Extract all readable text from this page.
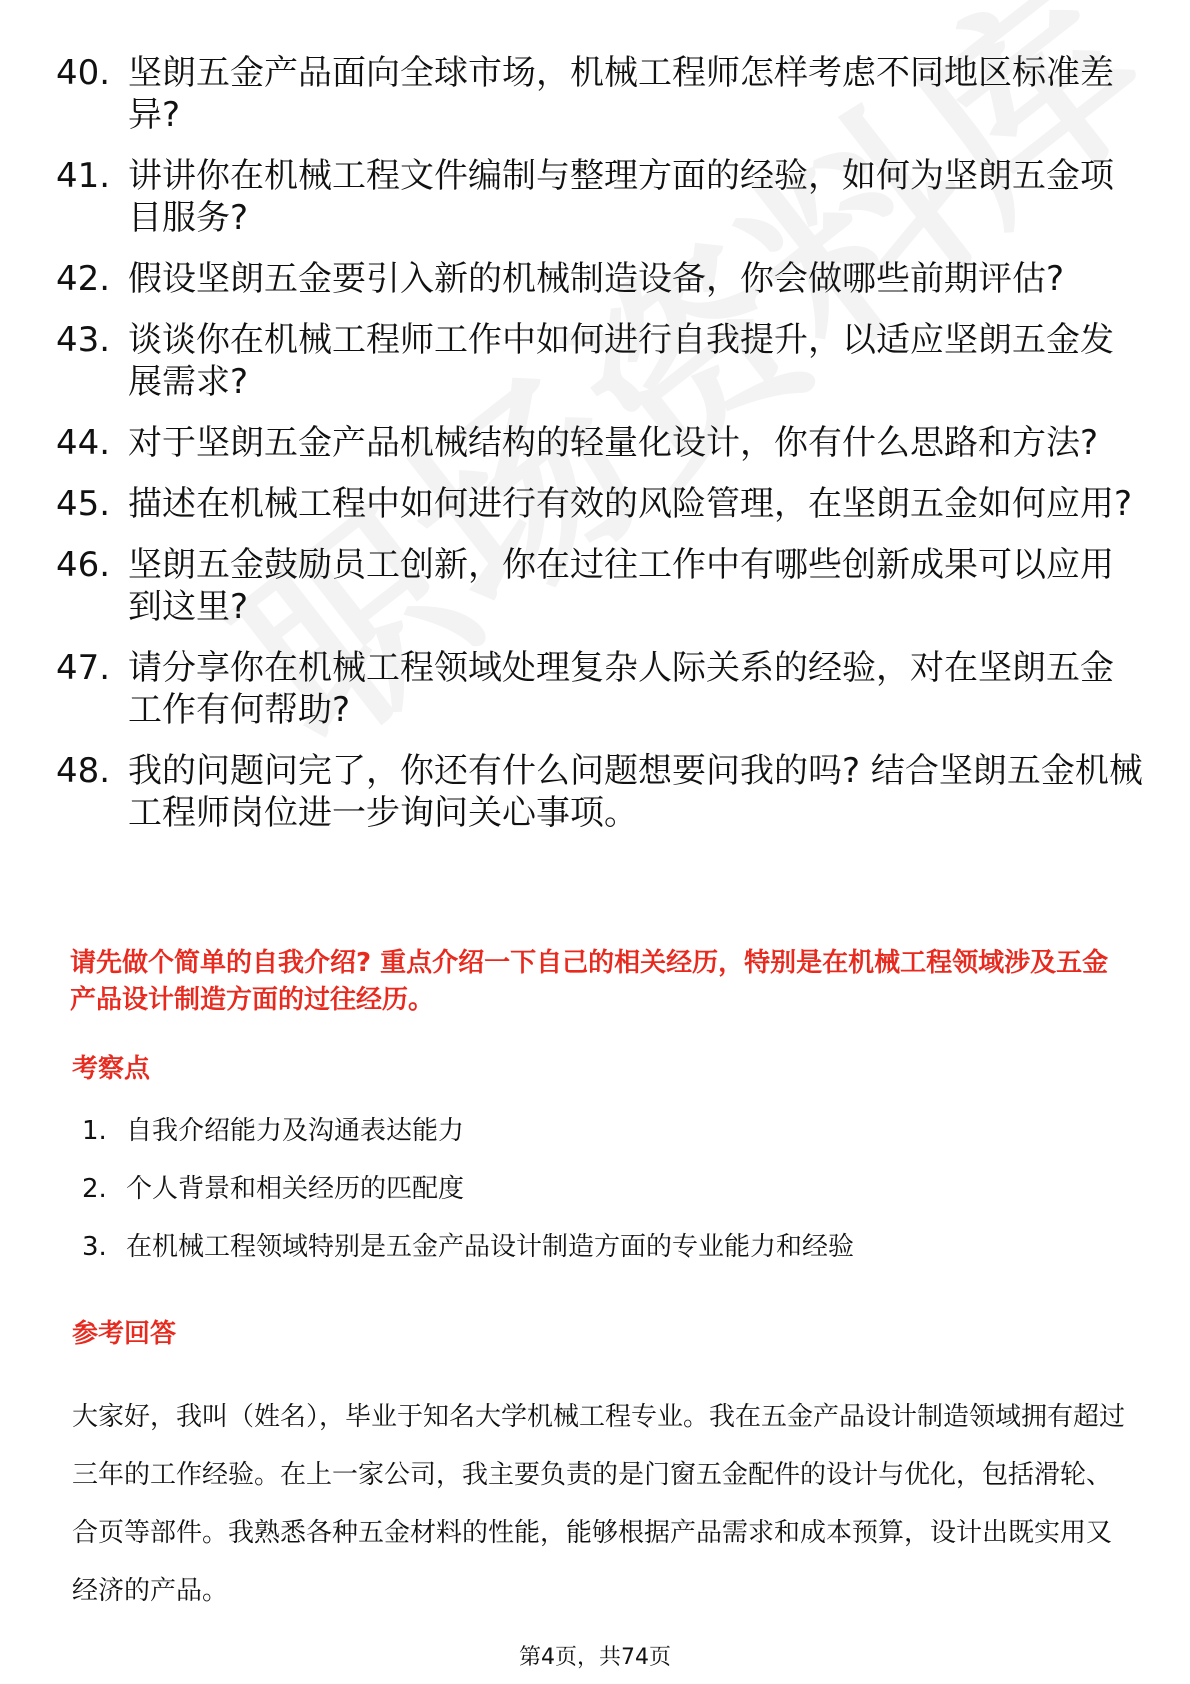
40. 坚朗五金产品面向全球市场，机械工程师怎样考虑不同地区标准差异?
41. 讲讲你在机械工程文件编制与整理方面的经验，如何为坚朗五金项目服务?
42. 假设坚朗五金要引入新的机械制造设备，你会做哪些前期评估?
43. 谈谈你在机械工程师工作中如何进行自我提升，以适应坚朗五金发展需求?
44. 对于坚朗五金产品机械结构的轻量化设计，你有什么思路和方法?
45. 描述在机械工程中如何进行有效的风险管理，在坚朗五金如何应用?
46. 坚朗五金鼓励员工创新，你在过往工作中有哪些创新成果可以应用到这里?
47. 请分享你在机械工程领域处理复杂人际关系的经验，对在坚朗五金工作有何帮助?
48. 我的问题问完了，你还有什么问题想要问我的吗? 结合坚朗五金机械工程师岗位进一步询问关心事项。
请先做个简单的自我介绍? 重点介绍一下自己的相关经历，特别是在机械工程领域涉及五金产品设计制造方面的过往经历。
考察点
1. 自我介绍能力及沟通表达能力
2. 个人背景和相关经历的匹配度
3. 在机械工程领域特别是五金产品设计制造方面的专业能力和经验
参考回答
大家好，我叫（姓名），毕业于知名大学机械工程专业。我在五金产品设计制造领域拥有超过三年的工作经验。在上一家公司，我主要负责的是门窗五金配件的设计与优化，包括滑轮、合页等部件。我熟悉各种五金材料的性能，能够根据产品需求和成本预算，设计出既实用又经济的产品。
第4页，共74页
